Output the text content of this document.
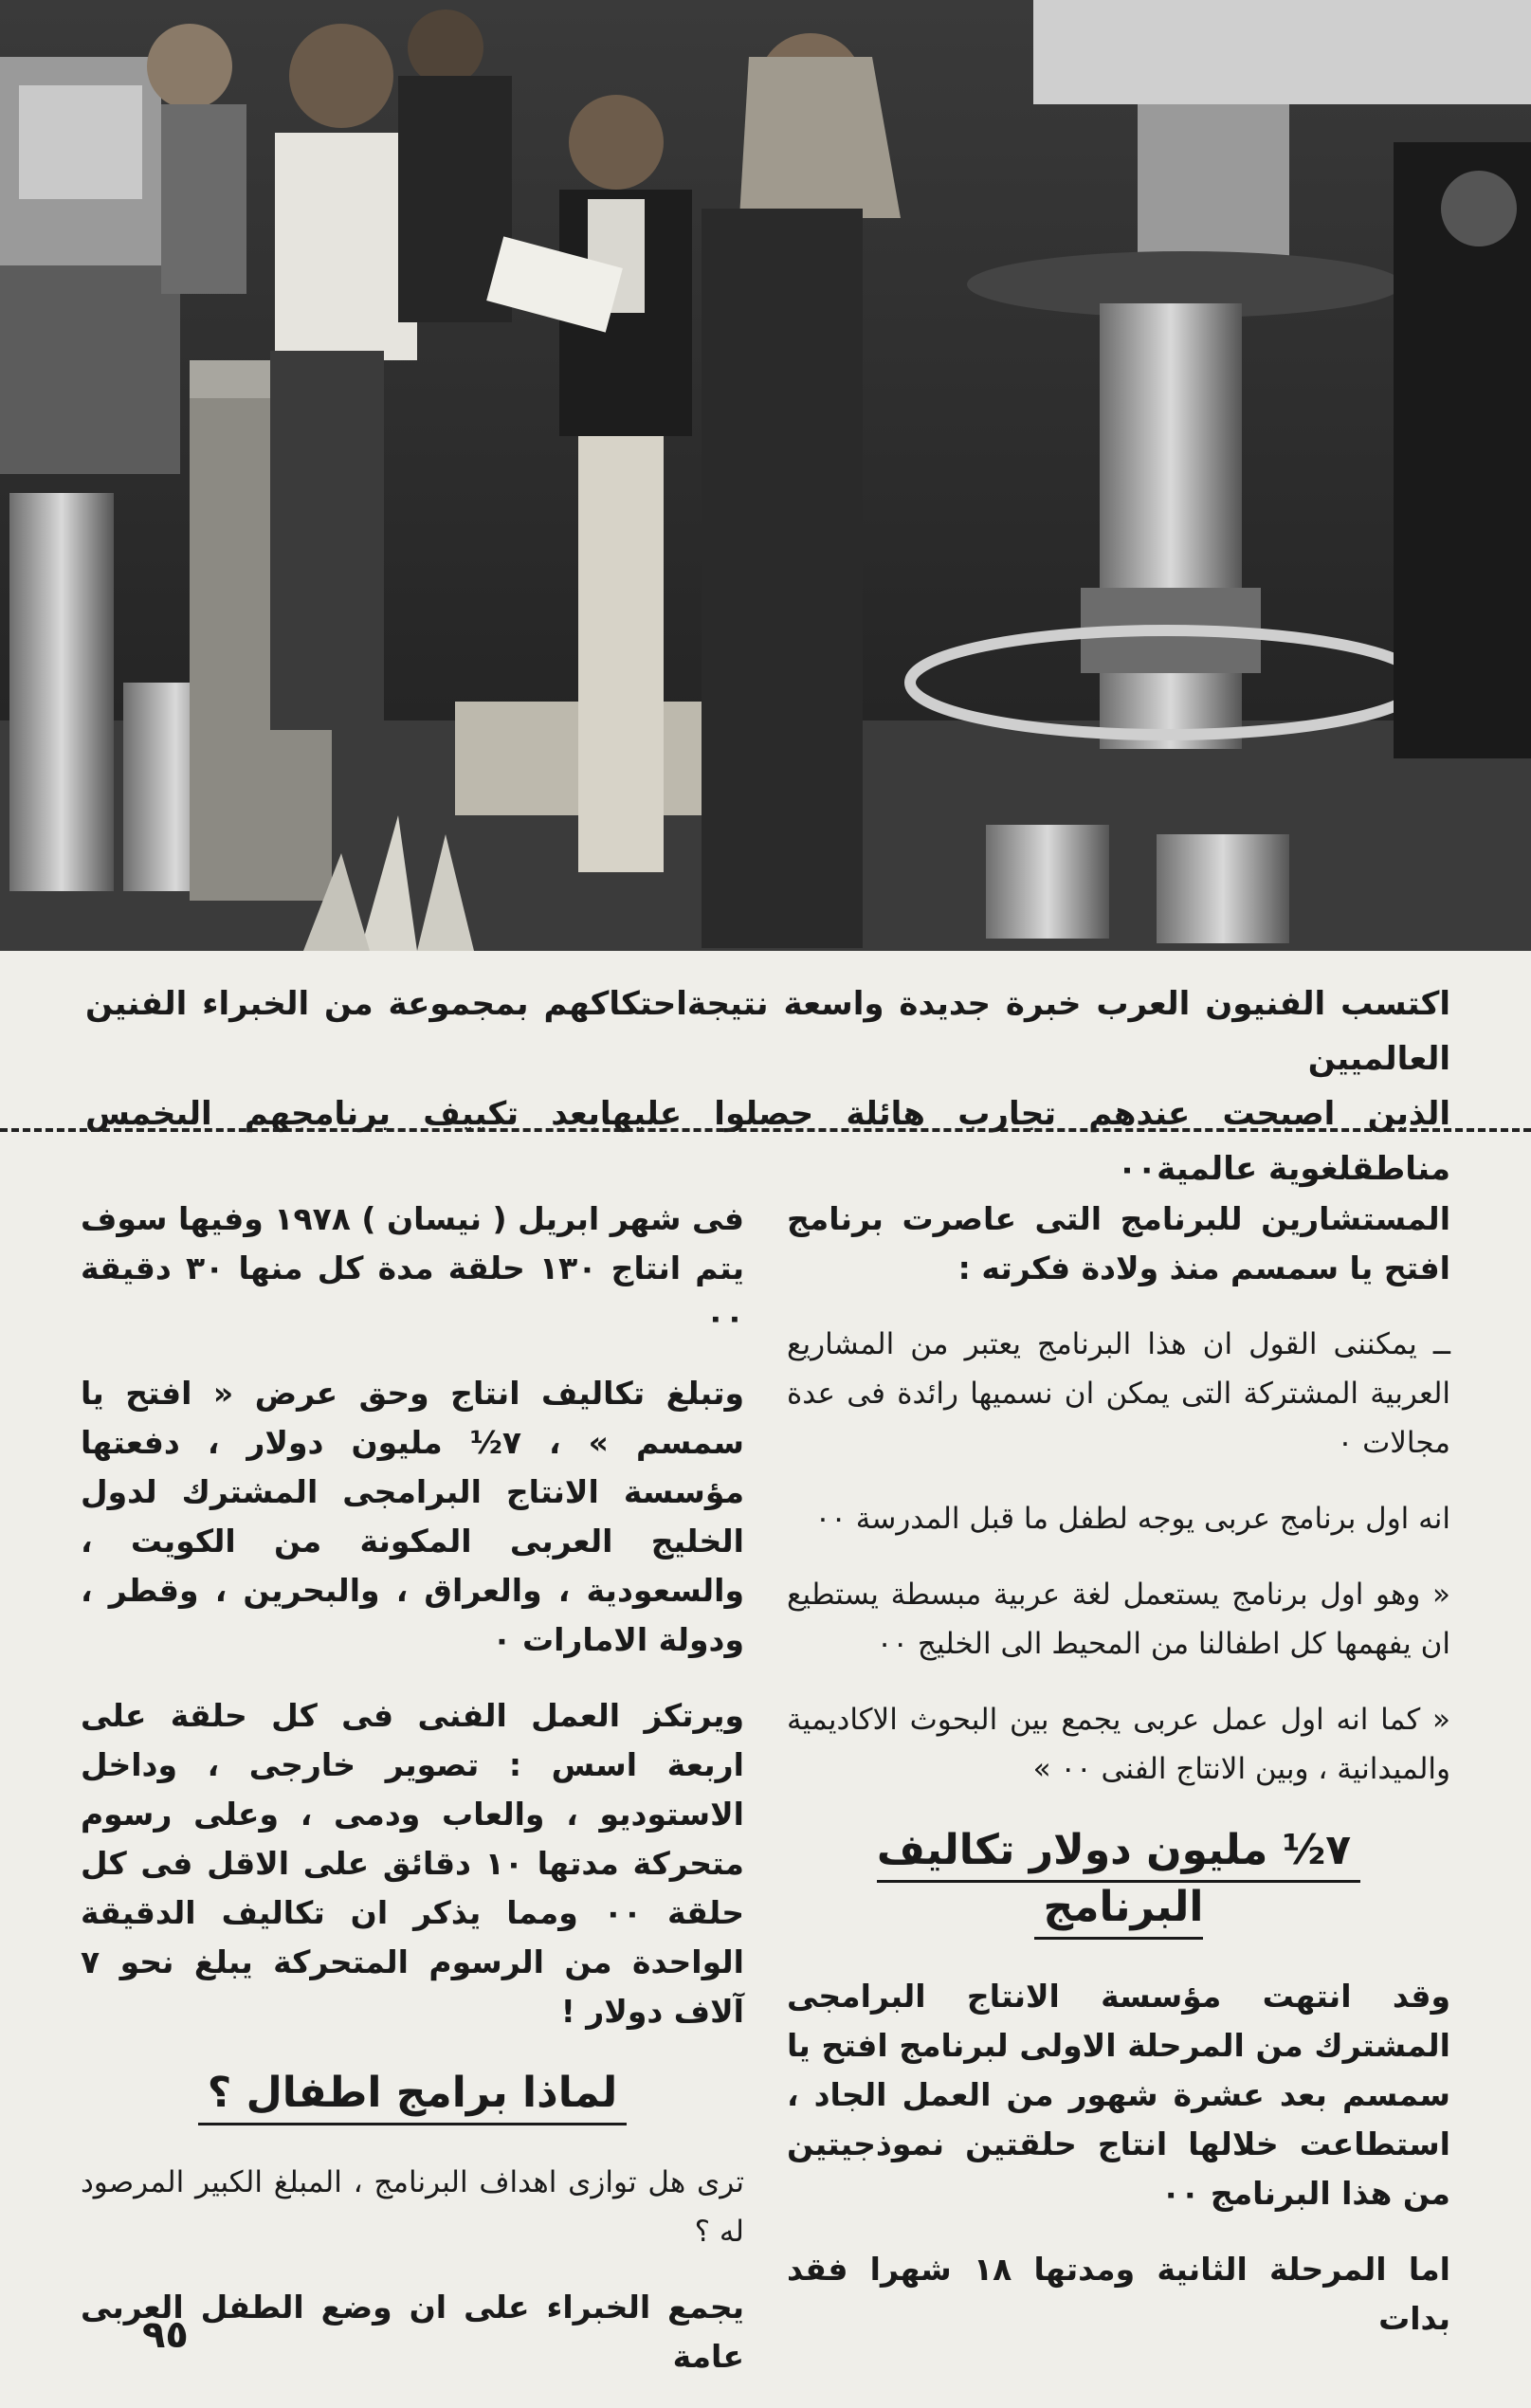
اكتسب الفنيون العرب خبرة جديدة واسعة نتيجةاحتكاكهم بمجموعة من الخبراء الفنين العالميين

الذين اصبحت عندهم تجارب هائلة حصلوا عليهابعد تكييف برنامجهم الىخمس مناطقلغوية عالمية٠٠

المستشارين للبرنامج التى عاصرت برنامج افتح يا سمسم منذ ولادة فكرته :

ــ يمكننى القول ان هذا البرنامج يعتبر من المشاريع العربية المشتركة التى يمكن ان نسميها رائدة فى عدة مجالات ٠

انه اول برنامج عربى يوجه لطفل ما قبل المدرسة ٠٠

« وهو اول برنامج يستعمل لغة عربية مبسطة يستطيع ان يفهمها كل اطفالنا من المحيط الى الخليج ٠٠

« كما انه اول عمل عربى يجمع بين البحوث الاكاديمية والميدانية ، وبين الانتاج الفنى ٠٠ »

٧½ مليون دولار تكاليف البرنامج

وقد انتهت مؤسسة الانتاج البرامجى المشترك من المرحلة الاولى لبرنامج افتح يا سمسم بعد عشرة شهور من العمل الجاد ، استطاعت خلالها انتاج حلقتين نموذجيتين من هذا البرنامج ٠٠

اما المرحلة الثانية ومدتها ١٨ شهرا فقد بدات

فى شهر ابريل ( نيسان ) ١٩٧٨ وفيها سوف يتم انتاج ١٣٠ حلقة مدة كل منها ٣٠ دقيقة ٠٠

وتبلغ تكاليف انتاج وحق عرض « افتح يا سمسم » ، ٧½ مليون دولار ، دفعتها مؤسسة الانتاج البرامجى المشترك لدول الخليج العربى المكونة من الكويت ، والسعودية ، والعراق ، والبحرين ، وقطر ، ودولة الامارات ٠

ويرتكز العمل الفنى فى كل حلقة على اربعة اسس : تصوير خارجى ، وداخل الاستوديو ، والعاب ودمى ، وعلى رسوم متحركة مدتها ١٠ دقائق على الاقل فى كل حلقة ٠٠ ومما يذكر ان تكاليف الدقيقة الواحدة من الرسوم المتحركة يبلغ نحو ٧ آلاف دولار !

لماذا برامج اطفال ؟

ترى هل توازى اهداف البرنامج ، المبلغ الكبير المرصود له ؟

يجمع الخبراء على ان وضع الطفل العربى عامة

٩٥
